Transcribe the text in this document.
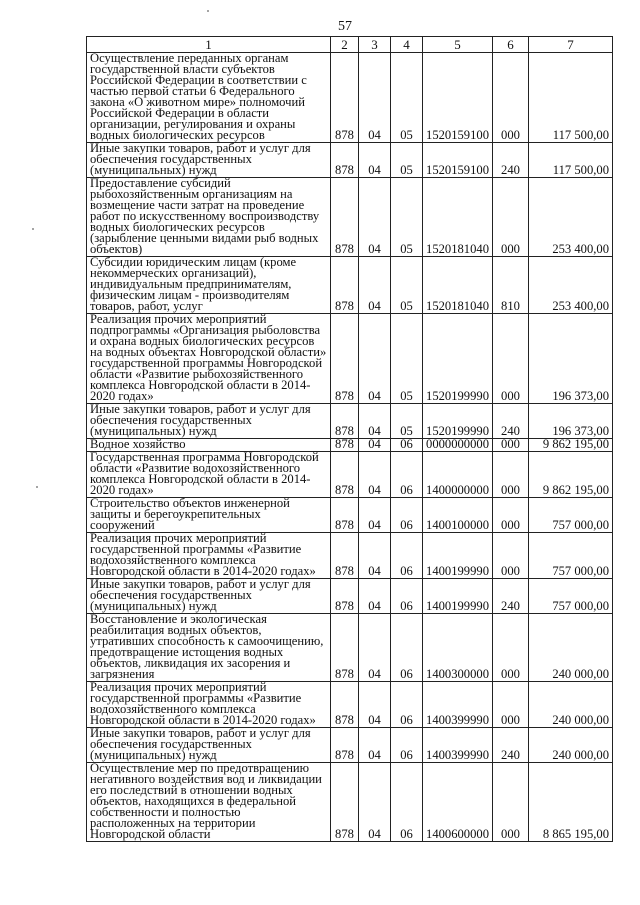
57
1	2	3	4	5	6	7
Осуществление переданных органам государственной власти субъектов Российской Федерации в соответствии с частью первой статьи 6 Федерального закона «О животном мире» полномочий Российской Федерации в области организации, регулирования и охраны водных биологических ресурсов	878	04	05	1520159100	000	117 500,00
Иные закупки товаров, работ и услуг для обеспечения государственных (муниципальных) нужд	878	04	05	1520159100	240	117 500,00
Предоставление субсидий рыбохозяйственным организациям на возмещение части затрат на проведение работ по искусственному воспроизводству водных биологических ресурсов (зарыбление ценными видами рыб водных объектов)	878	04	05	1520181040	000	253 400,00
Субсидии юридическим лицам (кроме некоммерческих организаций), индивидуальным предпринимателям, физическим лицам - производителям товаров, работ, услуг	878	04	05	1520181040	810	253 400,00
Реализация прочих мероприятий подпрограммы «Организация рыболовства и охрана водных биологических ресурсов на водных объектах Новгородской области» государственной программы Новгородской области «Развитие рыбохозяйственного комплекса Новгородской области в 2014-2020 годах»	878	04	05	1520199990	000	196 373,00
Иные закупки товаров, работ и услуг для обеспечения государственных (муниципальных) нужд	878	04	05	1520199990	240	196 373,00
Водное хозяйство	878	04	06	0000000000	000	9 862 195,00
Государственная программа Новгородской области «Развитие водохозяйственного комплекса Новгородской области в 2014-2020 годах»	878	04	06	1400000000	000	9 862 195,00
Строительство объектов инженерной защиты и берегоукрепительных сооружений	878	04	06	1400100000	000	757 000,00
Реализация прочих мероприятий государственной программы «Развитие водохозяйственного комплекса Новгородской области в 2014-2020 годах»	878	04	06	1400199990	000	757 000,00
Иные закупки товаров, работ и услуг для обеспечения государственных (муниципальных) нужд	878	04	06	1400199990	240	757 000,00
Восстановление и экологическая реабилитация водных объектов, утративших способность к самоочищению, предотвращение истощения водных объектов, ликвидация их засорения и загрязнения	878	04	06	1400300000	000	240 000,00
Реализация прочих мероприятий государственной программы «Развитие водохозяйственного комплекса Новгородской области в 2014-2020 годах»	878	04	06	1400399990	000	240 000,00
Иные закупки товаров, работ и услуг для обеспечения государственных (муниципальных) нужд	878	04	06	1400399990	240	240 000,00
Осуществление мер по предотвращению негативного воздействия вод и ликвидации его последствий в отношении водных объектов, находящихся в федеральной собственности и полностью расположенных на территории Новгородской области	878	04	06	1400600000	000	8 865 195,00
